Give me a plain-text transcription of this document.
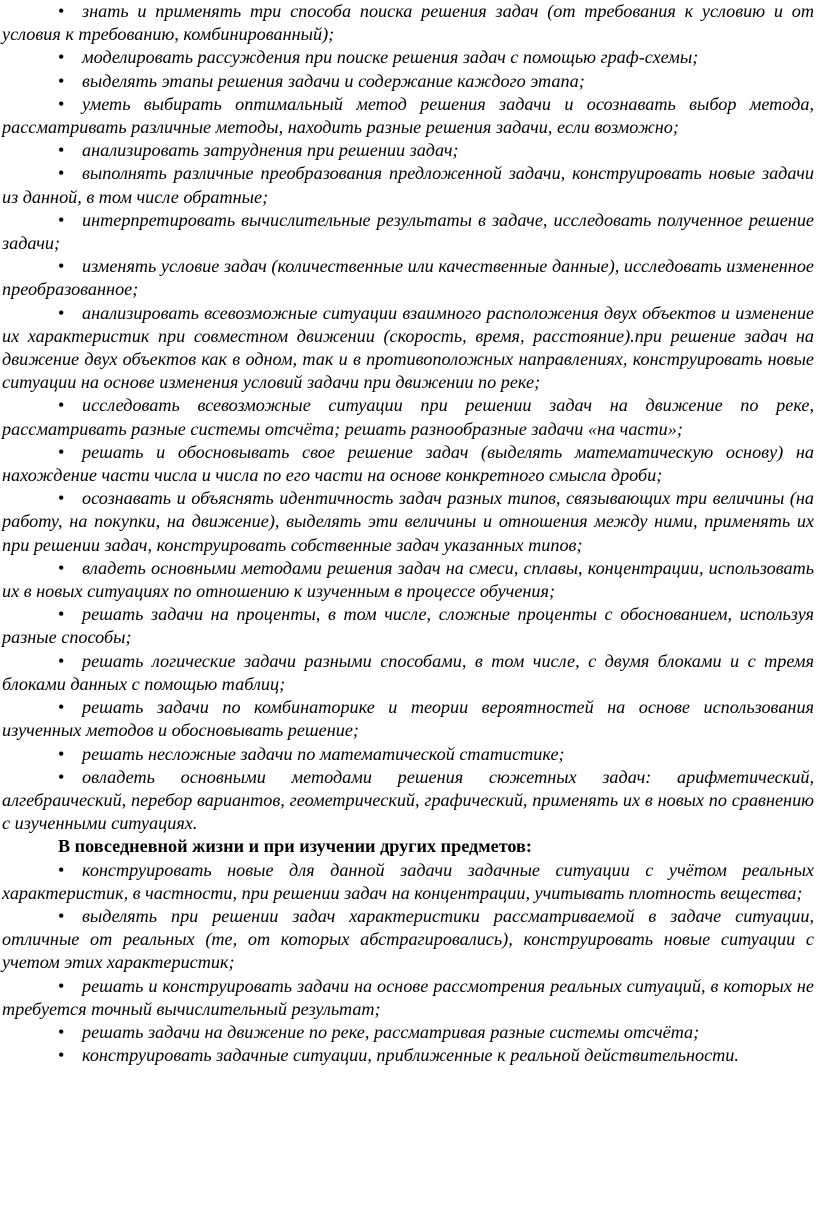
• знать и применять три способа поиска решения задач (от требования к условию и от условия к требованию, комбинированный);

• моделировать рассуждения при поиске решения задач с помощью граф-схемы;

• выделять этапы решения задачи и содержание каждого этапа;

• уметь выбирать оптимальный метод решения задачи и осознавать выбор метода, рассматривать различные методы, находить разные решения задачи, если возможно;

• анализировать затруднения при решении задач;

• выполнять различные преобразования предложенной задачи, конструировать новые задачи из данной, в том числе обратные;

• интерпретировать вычислительные результаты в задаче, исследовать полученное решение задачи;

• изменять условие задач (количественные или качественные данные), исследовать измененное преобразованное;

• анализировать всевозможные ситуации взаимного расположения двух объектов и изменение их характеристик при совместном движении (скорость, время, расстояние).при решение задач на движение двух объектов как в одном, так и в противоположных направлениях, конструировать новые ситуации на основе изменения условий задачи при движении по реке;

• исследовать всевозможные ситуации при решении задач на движение по реке, рассматривать разные системы отсчёта; решать разнообразные задачи «на части»;

• решать и обосновывать свое решение задач (выделять математическую основу) на нахождение части числа и числа по его части на основе конкретного смысла дроби;

• осознавать и объяснять идентичность задач разных типов, связывающих три величины (на работу, на покупки, на движение), выделять эти величины и отношения между ними, применять их при решении задач, конструировать собственные задач указанных типов;

• владеть основными методами решения задач на смеси, сплавы, концентрации, использовать их в новых ситуациях по отношению к изученным в процессе обучения;

• решать задачи на проценты, в том числе, сложные проценты с обоснованием, используя разные способы;

• решать логические задачи разными способами, в том числе, с двумя блоками и с тремя блоками данных с помощью таблиц;

• решать задачи по комбинаторике и теории вероятностей на основе использования изученных методов и обосновывать решение;

• решать несложные задачи по математической статистике;

• овладеть основными методами решения сюжетных задач: арифметический, алгебраический, перебор вариантов, геометрический, графический, применять их в новых по сравнению с изученными ситуациях.

В повседневной жизни и при изучении других предметов:

• конструировать новые для данной задачи задачные ситуации с учётом реальных характеристик, в частности, при решении задач на концентрации, учитывать плотность вещества;

• выделять при решении задач характеристики рассматриваемой в задаче ситуации, отличные от реальных (те, от которых абстрагировались), конструировать новые ситуации с учетом этих характеристик;

• решать и конструировать задачи на основе рассмотрения реальных ситуаций, в которых не требуется точный вычислительный результат;

• решать задачи на движение по реке, рассматривая разные системы отсчёта;

• конструировать задачные ситуации, приближенные к реальной действительности.
